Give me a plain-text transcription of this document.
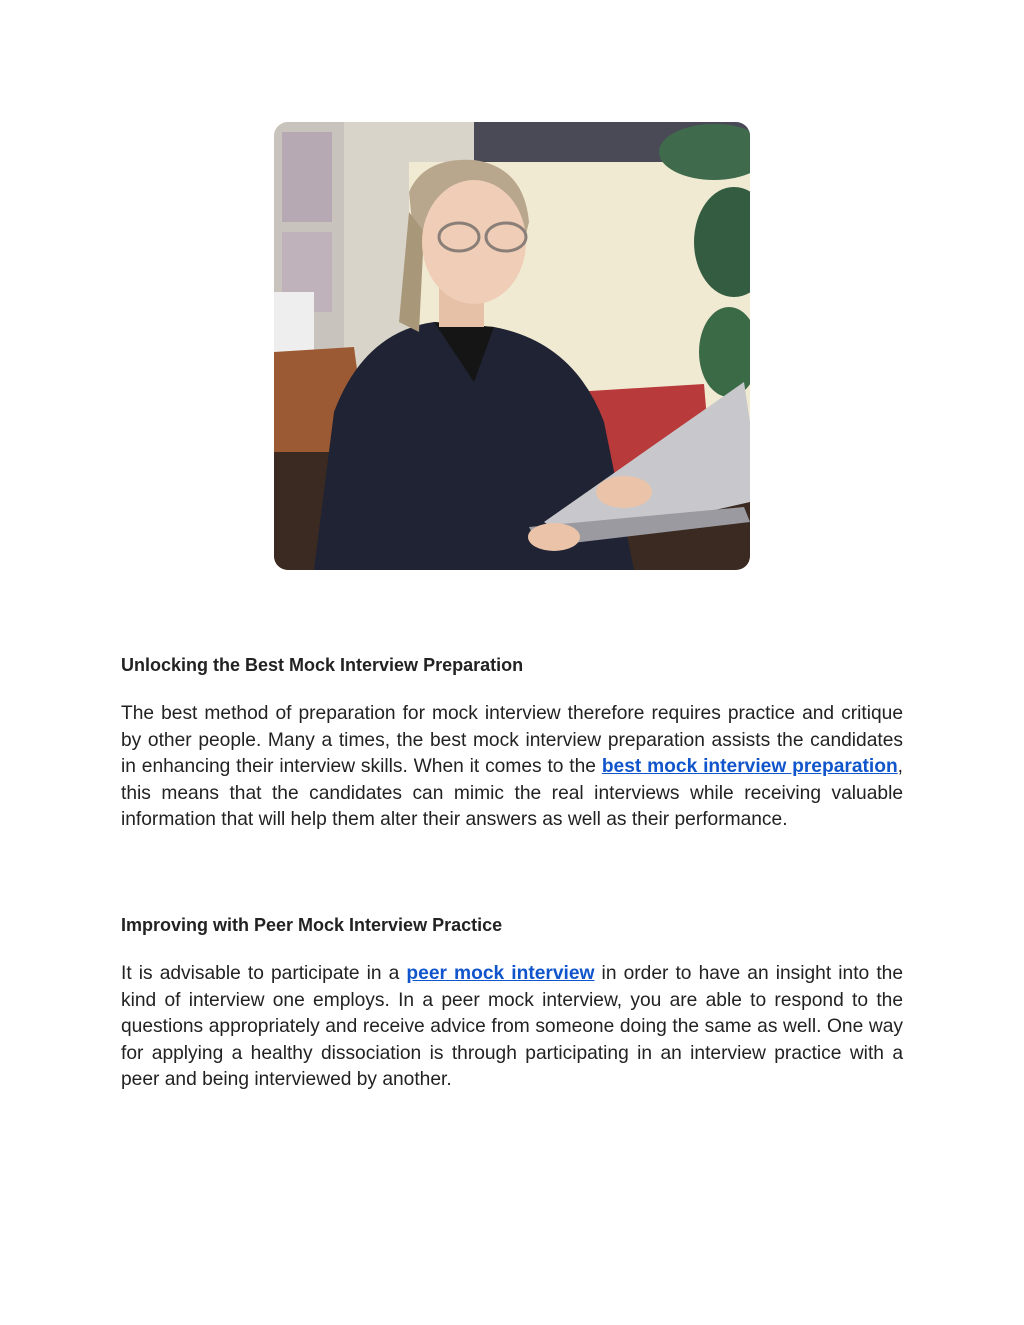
Unlocking the Best Mock Interview Preparation

The best method of preparation for mock interview therefore requires practice and critique by other people. Many a times, the best mock interview preparation assists the candidates in enhancing their interview skills. When it comes to the best mock interview preparation, this means that the candidates can mimic the real interviews while receiving valuable information that will help them alter their answers as well as their performance.

Improving with Peer Mock Interview Practice

It is advisable to participate in a peer mock interview in order to have an insight into the kind of interview one employs. In a peer mock interview, you are able to respond to the questions appropriately and receive advice from someone doing the same as well. One way for applying a healthy dissociation is through participating in an interview practice with a peer and being interviewed by another.
